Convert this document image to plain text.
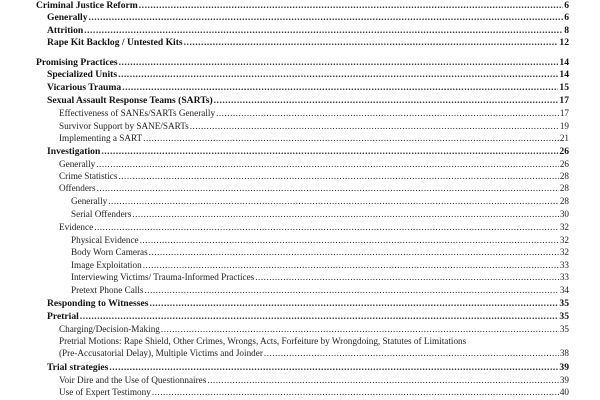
Criminal Justice Reform .....	6
Generally .....	6
Attrition .....	8
Rape Kit Backlog / Untested Kits .....	12
Promising Practices .....	14
Specialized Units .....	14
Vicarious Trauma .....	15
Sexual Assault Response Teams (SARTs) .....	17
Effectiveness of SANEs/SARTs Generally .....	17
Survivor Support by SANE/SARTs .....	19
Implementing a SART .....	21
Investigation .....	26
Generally .....	26
Crime Statistics .....	28
Offenders .....	28
Generally .....	28
Serial Offenders .....	30
Evidence .....	32
Physical Evidence .....	32
Body Worn Cameras .....	32
Image Exploitation .....	33
Interviewing Victims/ Trauma-Informed Practices .....	33
Pretext Phone Calls .....	34
Responding to Witnesses .....	35
Pretrial .....	35
Charging/Decision-Making .....	35
Pretrial Motions: Rape Shield, Other Crimes, Wrongs, Acts, Forfeiture by Wrongdoing, Statutes of Limitations
(Pre-Accusatorial Delay), Multiple Victims and Joinder .....	38
Trial strategies .....	39
Voir Dire and the Use of Questionnaires .....	39
Use of Expert Testimony .....	40
